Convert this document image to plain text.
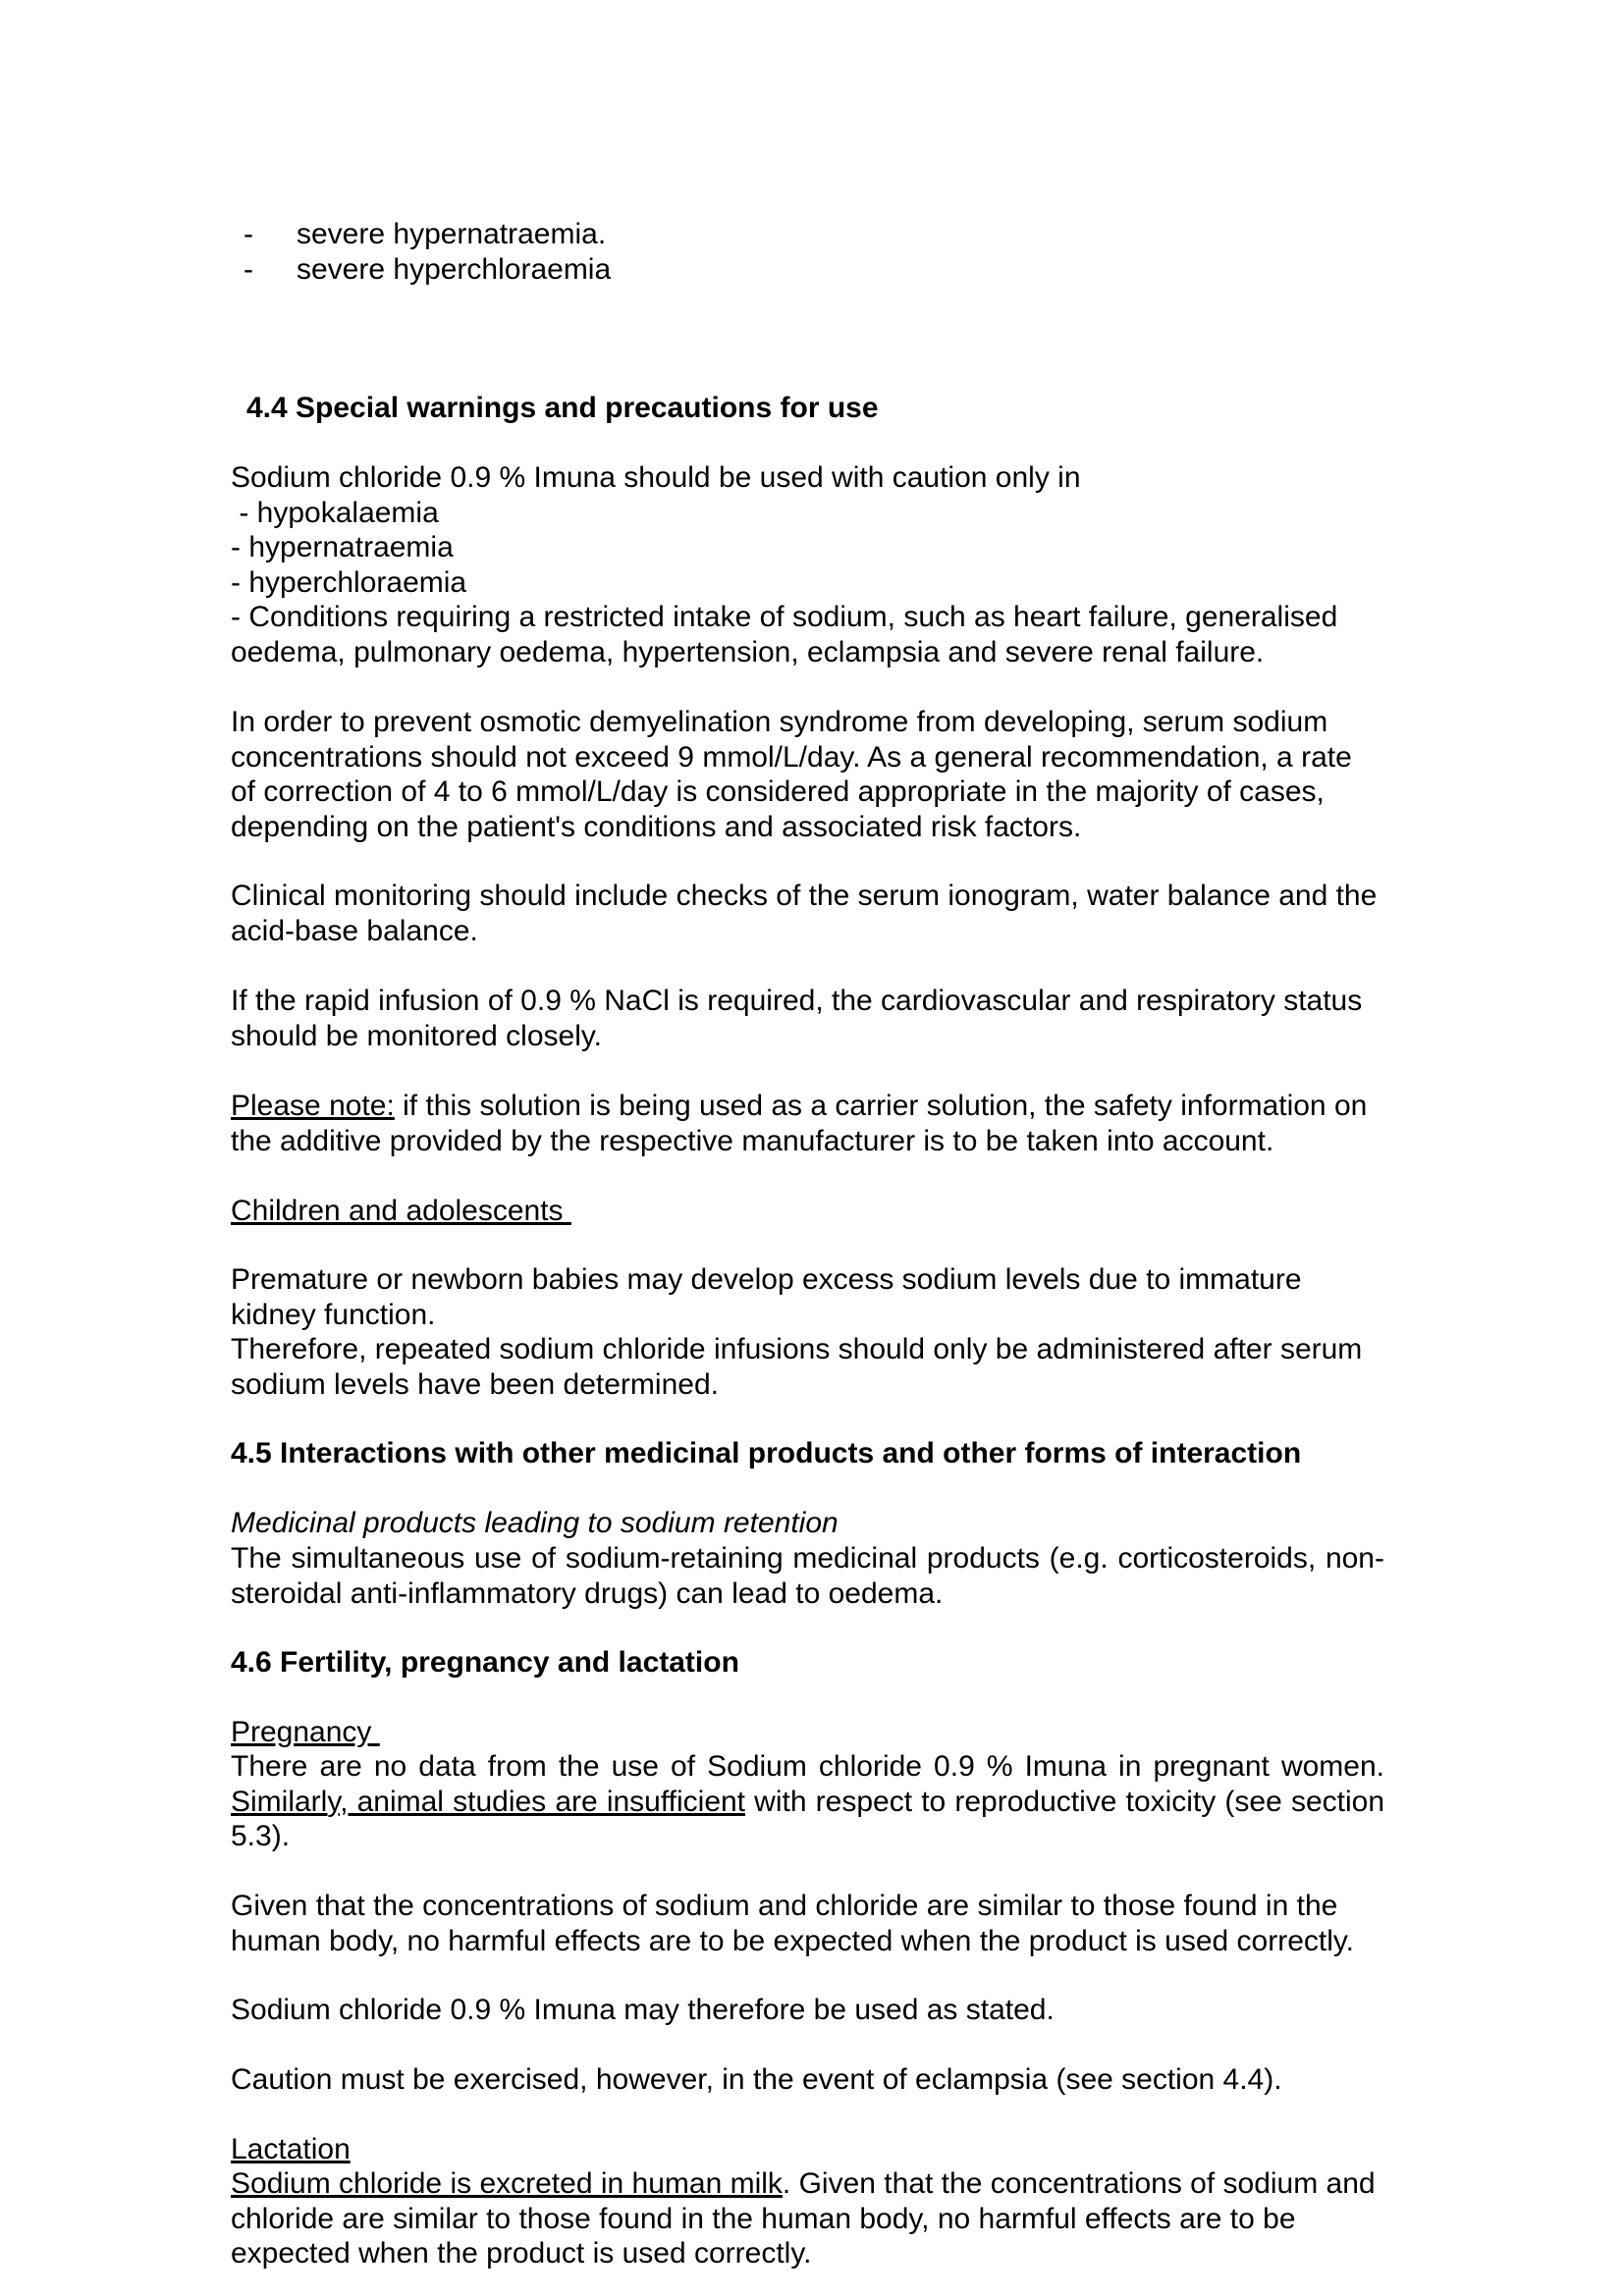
- severe hypernatraemia.
- severe hyperchloraemia
4.4 Special warnings and precautions for use

Sodium chloride 0.9 % Imuna should be used with caution only in

- hypokalaemia

- hypernatraemia

- hyperchloraemia

- Conditions requiring a restricted intake of sodium, such as heart failure, generalised oedema, pulmonary oedema, hypertension, eclampsia and severe renal failure.
In order to prevent osmotic demyelination syndrome from developing, serum sodium concentrations should not exceed 9 mmol/L/day. As a general recommendation, a rate of correction of 4 to 6 mmol/L/day is considered appropriate in the majority of cases, depending on the patient's conditions and associated risk factors.
Clinical monitoring should include checks of the serum ionogram, water balance and the acid-base balance.
If the rapid infusion of 0.9 % NaCl is required, the cardiovascular and respiratory status should be monitored closely.
Please note: if this solution is being used as a carrier solution, the safety information on the additive provided by the respective manufacturer is to be taken into account.
Children and adolescents

Premature or newborn babies may develop excess sodium levels due to immature kidney function.

Therefore, repeated sodium chloride infusions should only be administered after serum sodium levels have been determined.

4.5 Interactions with other medicinal products and other forms of interaction
Medicinal products leading to sodium retention
The simultaneous use of sodium-retaining medicinal products (e.g. corticosteroids, non-steroidal anti-inflammatory drugs) can lead to oedema.
4.6 Fertility, pregnancy and lactation
Pregnancy
There are no data from the use of Sodium chloride 0.9 % Imuna in pregnant women. Similarly, animal studies are insufficient with respect to reproductive toxicity (see section 5.3).
Given that the concentrations of sodium and chloride are similar to those found in the human body, no harmful effects are to be expected when the product is used correctly.
Sodium chloride 0.9 % Imuna may therefore be used as stated.
Caution must be exercised, however, in the event of eclampsia (see section 4.4).
Lactation
Sodium chloride is excreted in human milk. Given that the concentrations of sodium and chloride are similar to those found in the human body, no harmful effects are to be expected when the product is used correctly.
